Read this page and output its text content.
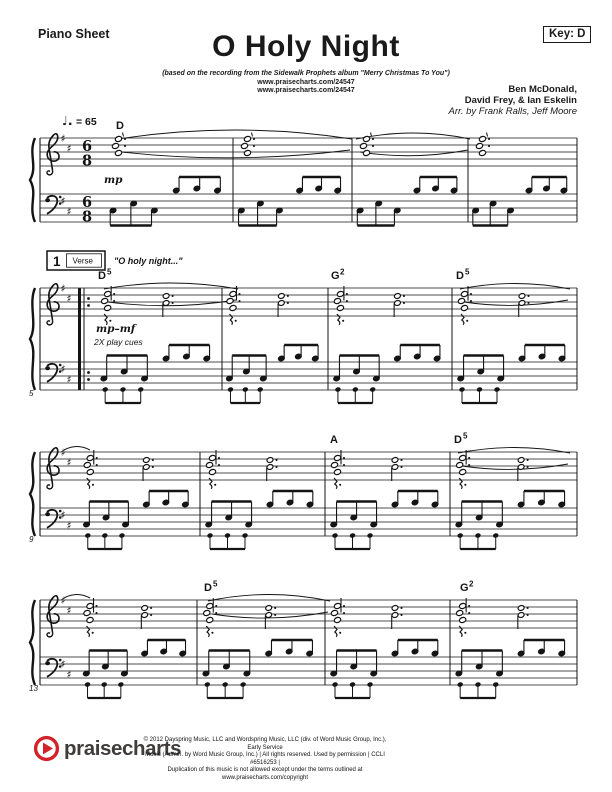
Piano Sheet	Key: D
O Holy Night
(based on the recording from the Sidewalk Prophets album "Merry Christmas To You")
www.praisecharts.com/24547
www.praisecharts.com/24547	Ben McDonald,
David Frey, & Ian Eskelin
Arr. by Frank Ralls, Jeff Moore
♯
♯
♯
♯
6
8
6
8
♩. = 65
mp
D
♯
♯
♯
♯
1 Verse "O holy night..."
mp–mf
2X play cues
5
D 5	G 2	D 5
♯
♯
♯
♯
9
A	D 5
♯
♯
♯
♯
13
D 5	G 2
praisecharts
© 2012 Dayspring Music, LLC and Wordspring Music, LLC (div. of Word Music Group, Inc.), Early Service
Music (Admin. by Word Music Group, Inc.) | All rights reserved. Used by permission | CCLI #6516253 |
Duplication of this music is not allowed except under the terms outlined at www.praisecharts.com/copyright
